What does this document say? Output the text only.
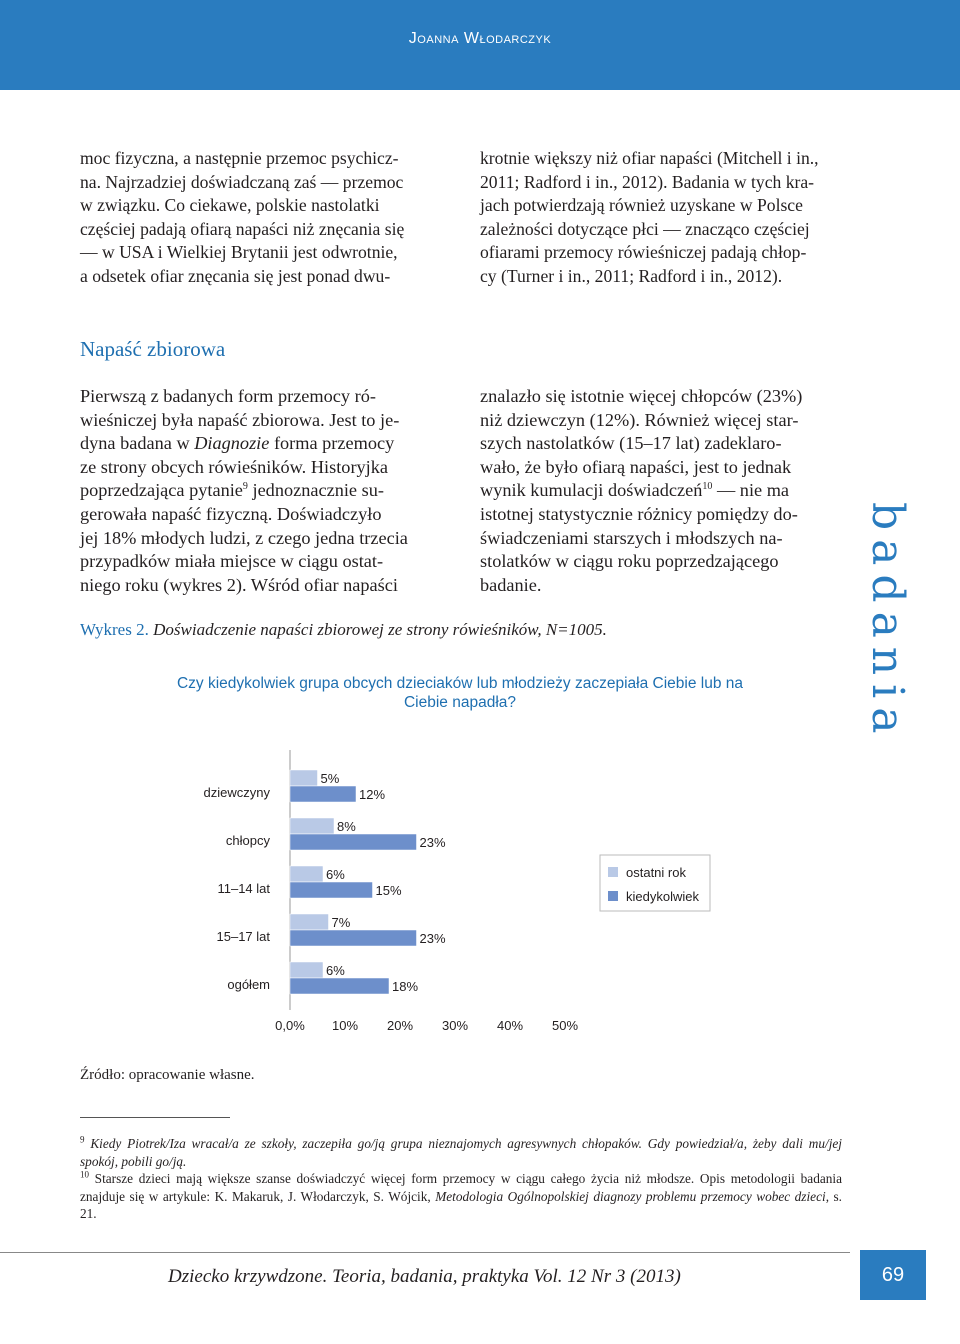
Joanna Włodarczyk

moc fizyczna, a następnie przemoc psychicz-

na. Najrzadziej doświadczaną zaś — przemoc

w związku. Co ciekawe, polskie nastolatki

częściej padają ofiarą napaści niż znęcania się

— w USA i Wielkiej Brytanii jest odwrotnie,

a odsetek ofiar znęcania się jest ponad dwu-

krotnie większy niż ofiar napaści (Mitchell i in.,

2011; Radford i in., 2012). Badania w tych kra-

jach potwierdzają również uzyskane w Polsce

zależności dotyczące płci — znacząco częściej

ofiarami przemocy rówieśniczej padają chłop-

cy (Turner i in., 2011; Radford i in., 2012).

Napaść zbiorowa
Pierwszą z badanych form przemocy ró-
wieśniczej była napaść zbiorowa. Jest to je-
dyna badana w Diagnozie forma przemocy
ze strony obcych rówieśników. Historyjka
poprzedzająca pytanie$^9$ jednoznacznie su-
gerowała napaść fizyczną. Doświadczyło
jej 18% młodych ludzi, z czego jedna trzecia
przypadków miała miejsce w ciągu ostat-
niego roku (wykres 2). Wśród ofiar napaści
znalazło się istotnie więcej chłopców (23%)
niż dziewczyn (12%). Również więcej star-
szych nastolatków (15–17 lat) zadeklaro-
wało, że było ofiarą napaści, jest to jednak
wynik kumulacji doświadczeń$^{10}$ — nie ma
istotnej statystycznie różnicy pomiędzy do-
świadczeniami starszych i młodszych na-
stolatków w ciągu roku poprzedzającego
badanie.
Wykres 2. Doświadczenie napaści zbiorowej ze strony rówieśników, N=1005.
Czy kiedykolwiek grupa obcych dzieciaków lub młodzieży zaczepiała Ciebie lub na Ciebie napadła?
dziewczyny
5%
12%
chłopcy
8%
23%
11–14 lat
6%
15%
15–17 lat
7%
23%
ogółem
6%
18%
0,0% 10% 20% 30% 40% 50%
ostatni rok
kiedykolwiek
Źródło: opracowanie własne.

$^9$ Kiedy Piotrek/Iza wracał/a ze szkoły, zaczepiła go/ją grupa nieznajomych agresywnych chłopaków. Gdy powiedział/a, żeby dali mu/jej spokój, pobili go/ją.

$^{10}$ Starsze dzieci mają większe szanse doświadczyć więcej form przemocy w ciągu całego życia niż młodsze. Opis metodologii badania znajduje się w artykule: K. Makaruk, J. Włodarczyk, S. Wójcik, Metodologia Ogólnopolskiej diagnozy problemu przemocy wobec dzieci, s. 21.

badania
Dziecko krzywdzone. Teoria, badania, praktyka Vol. 12 Nr 3 (2013)	69
